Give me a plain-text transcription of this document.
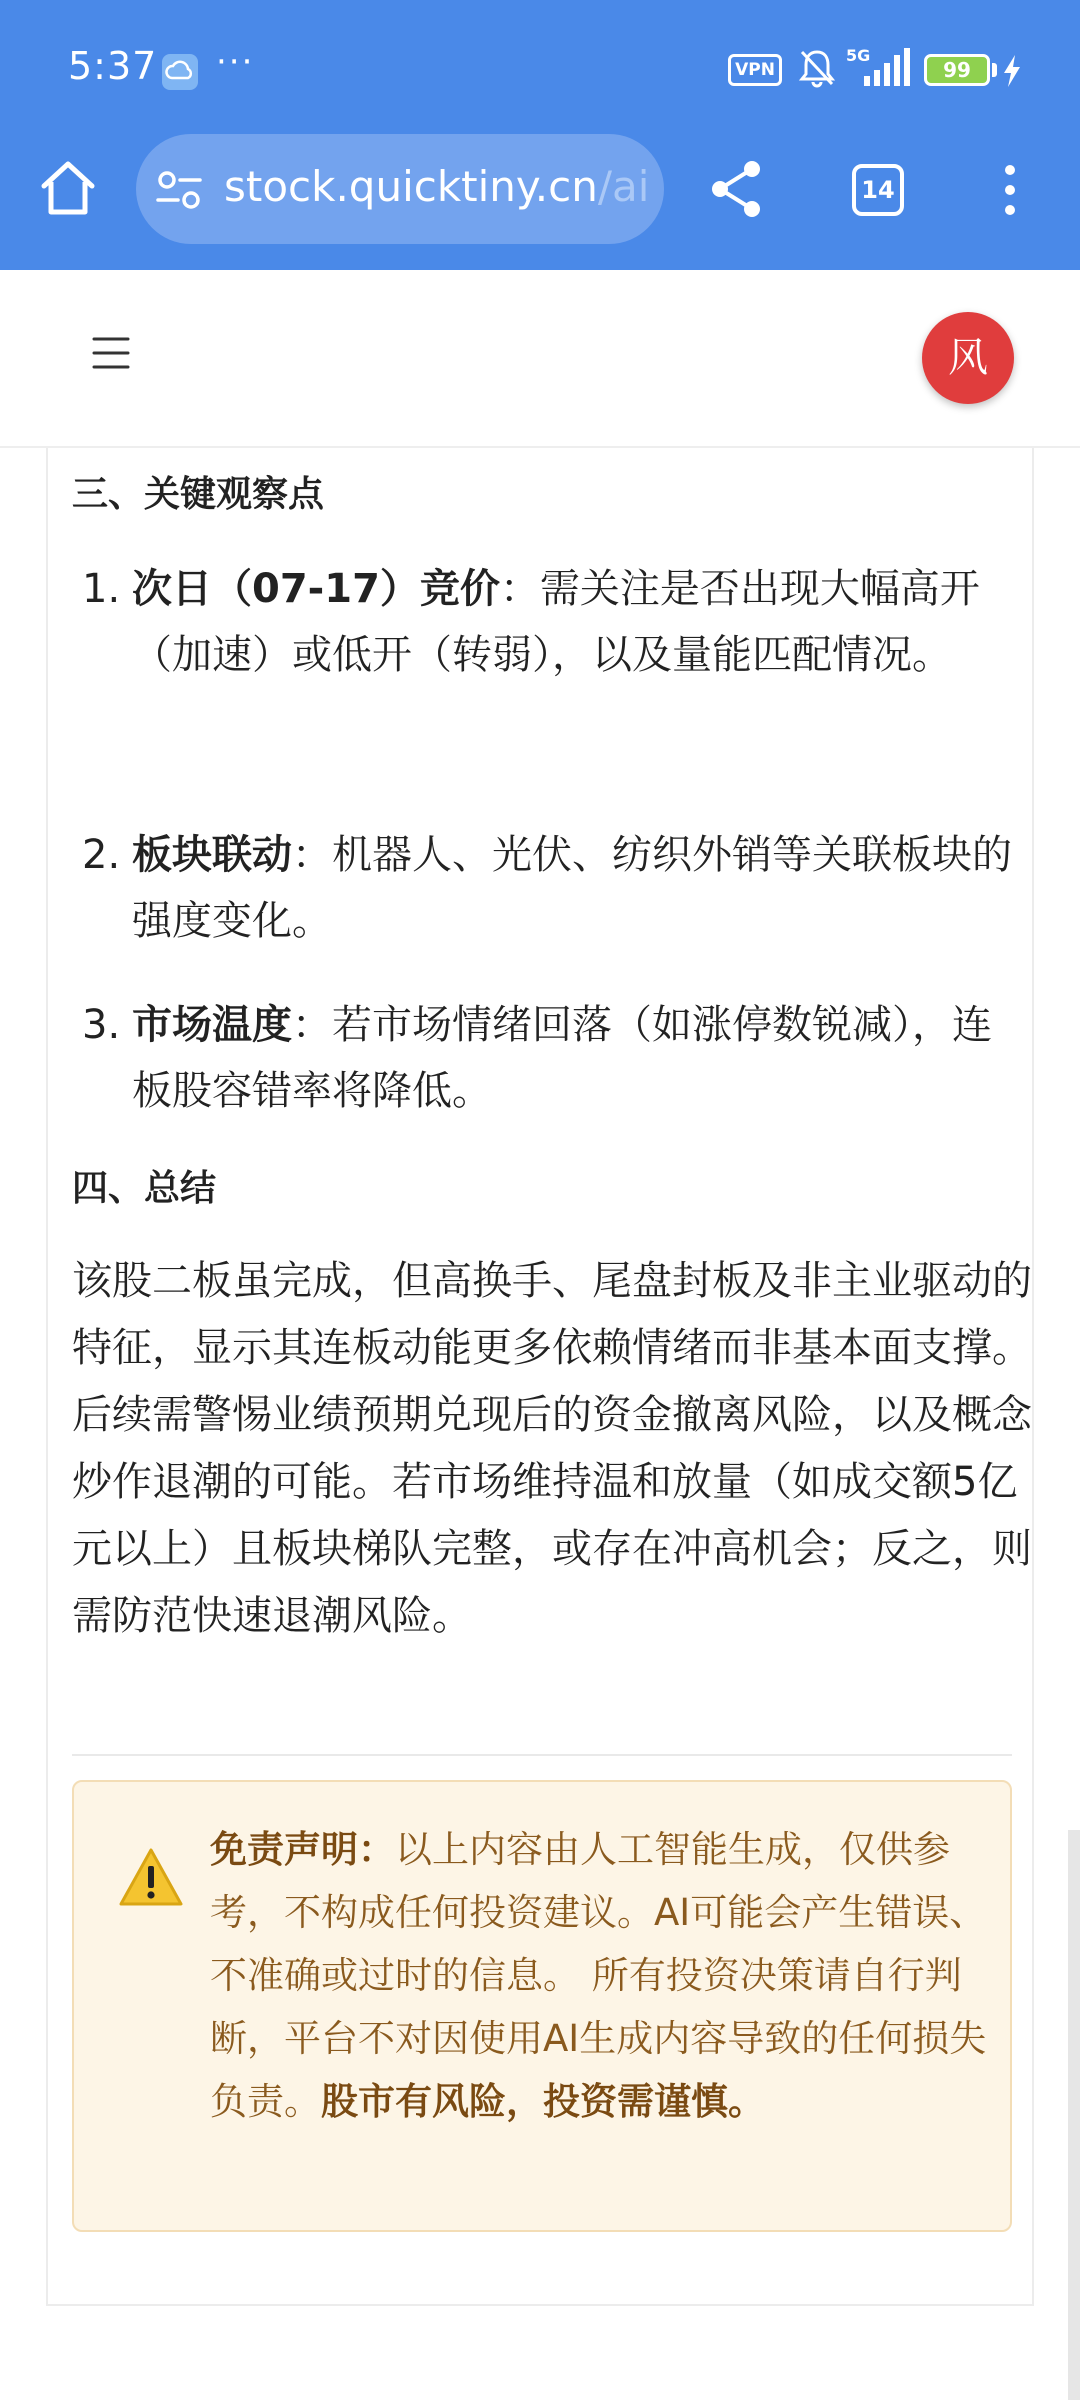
5:37 ···	VPN
5G
99
stock.quicktiny.cn/ai	14
风
三、关键观察点
1. 次日（07-17）竞价：需关注是否出现大幅高开（加速）或低开（转弱），以及量能匹配情况。
2. 板块联动：机器人、光伏、纺织外销等关联板块的强度变化。
3. 市场温度：若市场情绪回落（如涨停数锐减），连板股容错率将降低。
四、总结
该股二板虽完成，但高换手、尾盘封板及非主业驱动的特征，显示其连板动能更多依赖情绪而非基本面支撑。后续需警惕业绩预期兑现后的资金撤离风险，以及概念炒作退潮的可能。若市场维持温和放量（如成交额5亿元以上）且板块梯队完整，或存在冲高机会；反之，则需防范快速退潮风险。
免责声明：以上内容由人工智能生成，仅供参考，不构成任何投资建议。AI可能会产生错误、不准确或过时的信息。 所有投资决策请自行判断，平台不对因使用AI生成内容导致的任何损失负责。股市有风险，投资需谨慎。
